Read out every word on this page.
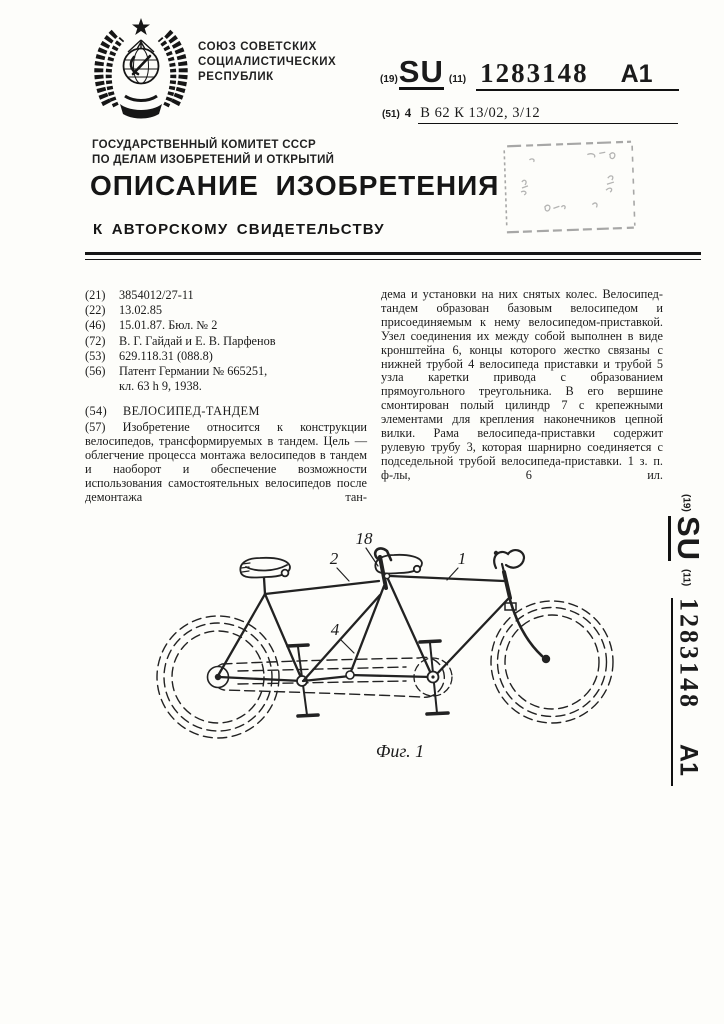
СОЮЗ СОВЕТСКИХ
СОЦИАЛИСТИЧЕСКИХ
РЕСПУБЛИК	(19) SU (11) 1283148 A1
(51) 4 В 62 К 13/02, 3/12
ГОСУДАРСТВЕННЫЙ КОМИТЕТ СССР
ПО ДЕЛАМ ИЗОБРЕТЕНИЙ И ОТКРЫТИЙ
ОПИСАНИЕ ИЗОБРЕТЕНИЯ
К АВТОРСКОМУ СВИДЕТЕЛЬСТВУ
(21) 3854012/27-11
(22) 13.02.85
(46) 15.01.87. Бюл. № 2
(72) В. Г. Гайдай и Е. В. Парфенов
(53) 629.118.31 (088.8)
(56) Патент Германии № 665251,
кл. 63 h 9, 1938.
(54) ВЕЛОСИПЕД-ТАНДЕМ

(57) Изобретение относится к конструкции велосипедов, трансформируемых в тандем. Цель — облегчение процесса монтажа велосипедов в тандем и наоборот и обеспечение возможности использования самостоятельных велосипедов после демонтажа тан-

дема и установки на них снятых колес. Велосипед-тандем образован базовым велосипедом и присоединяемым к нему велосипедом-приставкой. Узел соединения их между собой выполнен в виде кронштейна 6, концы которого жестко связаны с нижней трубой 4 велосипеда приставки и трубой 5 узла каретки привода с образованием прямоугольного треугольника. В его вершине смонтирован полый цилиндр 7 с крепежными элементами для крепления наконечников цепной вилки. Рама велосипеда-приставки содержит рулевую трубу 3, которая шарнирно соединяется с подседельной трубой велосипеда-приставки. 1 з. п. ф-лы, 6 ил.

2
18
1
4
Фиг. 1
(19)
SU
(11)
1283148
A1
